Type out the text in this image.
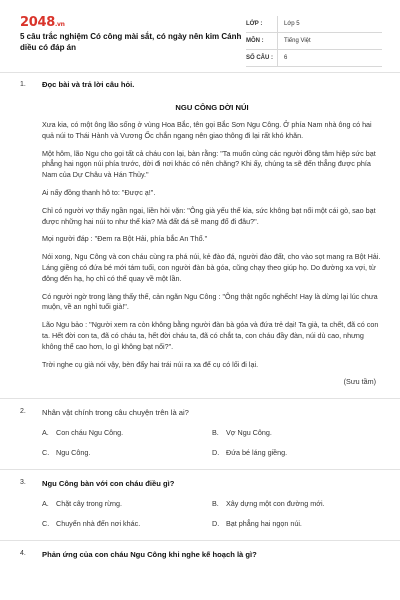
2048.vn
5 câu trắc nghiệm Có công mài sắt, có ngày nên kim Cánh diều có đáp án
LỚP :	Lớp 5
MÔN :	Tiếng Việt
SỐ CÂU :	6
1.	Đọc bài và trả lời câu hỏi.
NGU CÔNG DỜI NÚI

Xưa kia, có một ông lão sống ở vùng Hoa Bắc, tên gọi Bắc Sơn Ngu Công. Ở phía Nam nhà ông có hai quả núi to Thái Hành và Vương Ốc chắn ngang nên giao thông đi lại rất khó khăn.

Một hôm, lão Ngu cho gọi tất cả cháu con lại, bàn rằng: "Ta muốn cùng các người đồng tâm hiệp sức bạt phẳng hai ngọn núi phía trước, dời đi nơi khác có nên chăng? Khi ấy, chúng ta sẽ đến thẳng được phía Nam của Dự Châu và Hán Thủy."

Ai nấy đồng thanh hô to: "Được ạ!".

Chỉ có người vợ thấy ngần ngại, liền hỏi vặn: "Ông già yếu thế kia, sức không bạt nổi một cái gò, sao bạt được những hai núi to như thế kia? Mà đất đá sẽ mang đổ đi đâu?".

Mọi người đáp : "Đem ra Bột Hải, phía bắc An Thổ."

Nói xong, Ngu Công và con cháu cùng ra phá núi, kẻ đào đá, người đào đất, cho vào sọt mang ra Bột Hải. Láng giềng có đứa bé mới tám tuổi, con người đàn bà góa, cũng chạy theo giúp họ. Do đường xa vợi, từ đông đến hạ, họ chỉ có thể quay về một lần.

Có người ngờ trong làng thấy thế, cản ngăn Ngu Công : "Ông thật ngốc nghếch! Hay là dừng lại lúc chưa muộn, về an nghỉ tuổi già!".

Lão Ngu bảo : "Người xem ra còn không bằng người đàn bà góa và đứa trẻ dại! Ta già, ta chết, đã có con ta. Hết đời con ta, đã có cháu ta, hết đời cháu ta, đã có chắt ta, con cháu đầy đàn, núi dù cao, nhưng không thể cao hơn, lo gì không bạt nổi?".

Trời nghe cụ già nói vậy, bèn đẩy hai trái núi ra xa để cụ có lối đi lại.

(Sưu tầm)
2.	Nhân vật chính trong câu chuyện trên là ai?
A. Con cháu Ngu Công.	B. Vợ Ngu Công.
C. Ngu Công.	D. Đứa bé láng giềng.
3.	Ngu Công bàn với con cháu điều gì?
A. Chặt cây trong rừng.	B. Xây dựng một con đường mới.
C. Chuyển nhà đến nơi khác.	D. Bạt phẳng hai ngọn núi.
4.	Phản ứng của con cháu Ngu Công khi nghe kế hoạch là gì?
